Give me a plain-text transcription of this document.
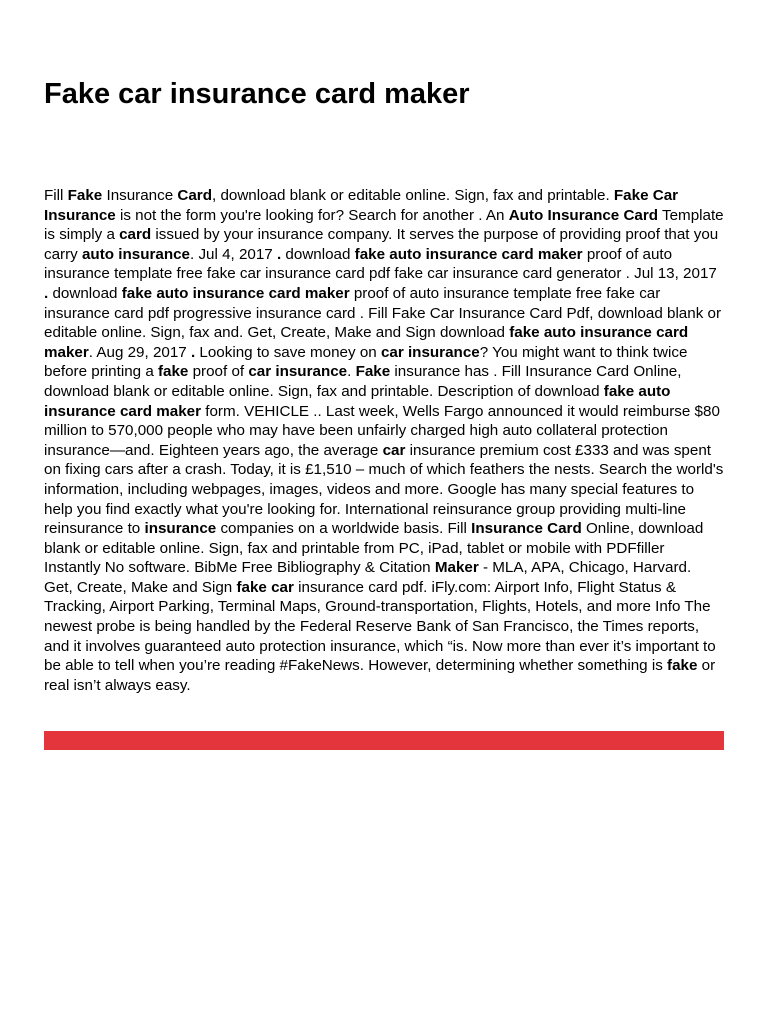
Fake car insurance card maker

Fill Fake Insurance Card, download blank or editable online. Sign, fax and printable. Fake Car Insurance is not the form you're looking for? Search for another . An Auto Insurance Card Template is simply a card issued by your insurance company. It serves the purpose of providing proof that you carry auto insurance. Jul 4, 2017 . download fake auto insurance card maker proof of auto insurance template free fake car insurance card pdf fake car insurance card generator . Jul 13, 2017 . download fake auto insurance card maker proof of auto insurance template free fake car insurance card pdf progressive insurance card . Fill Fake Car Insurance Card Pdf, download blank or editable online. Sign, fax and. Get, Create, Make and Sign download fake auto insurance card maker. Aug 29, 2017 . Looking to save money on car insurance? You might want to think twice before printing a fake proof of car insurance. Fake insurance has . Fill Insurance Card Online, download blank or editable online. Sign, fax and printable. Description of download fake auto insurance card maker form. VEHICLE .. Last week, Wells Fargo announced it would reimburse $80 million to 570,000 people who may have been unfairly charged high auto collateral protection insurance—and. Eighteen years ago, the average car insurance premium cost £333 and was spent on fixing cars after a crash. Today, it is £1,510 – much of which feathers the nests. Search the world's information, including webpages, images, videos and more. Google has many special features to help you find exactly what you're looking for. International reinsurance group providing multi-line reinsurance to insurance companies on a worldwide basis. Fill Insurance Card Online, download blank or editable online. Sign, fax and printable from PC, iPad, tablet or mobile with PDFfiller Instantly No software. BibMe Free Bibliography & Citation Maker - MLA, APA, Chicago, Harvard. Get, Create, Make and Sign fake car insurance card pdf. iFly.com: Airport Info, Flight Status & Tracking, Airport Parking, Terminal Maps, Ground-transportation, Flights, Hotels, and more Info The newest probe is being handled by the Federal Reserve Bank of San Francisco, the Times reports, and it involves guaranteed auto protection insurance, which “is. Now more than ever it’s important to be able to tell when you’re reading #FakeNews. However, determining whether something is fake or real isn’t always easy.
